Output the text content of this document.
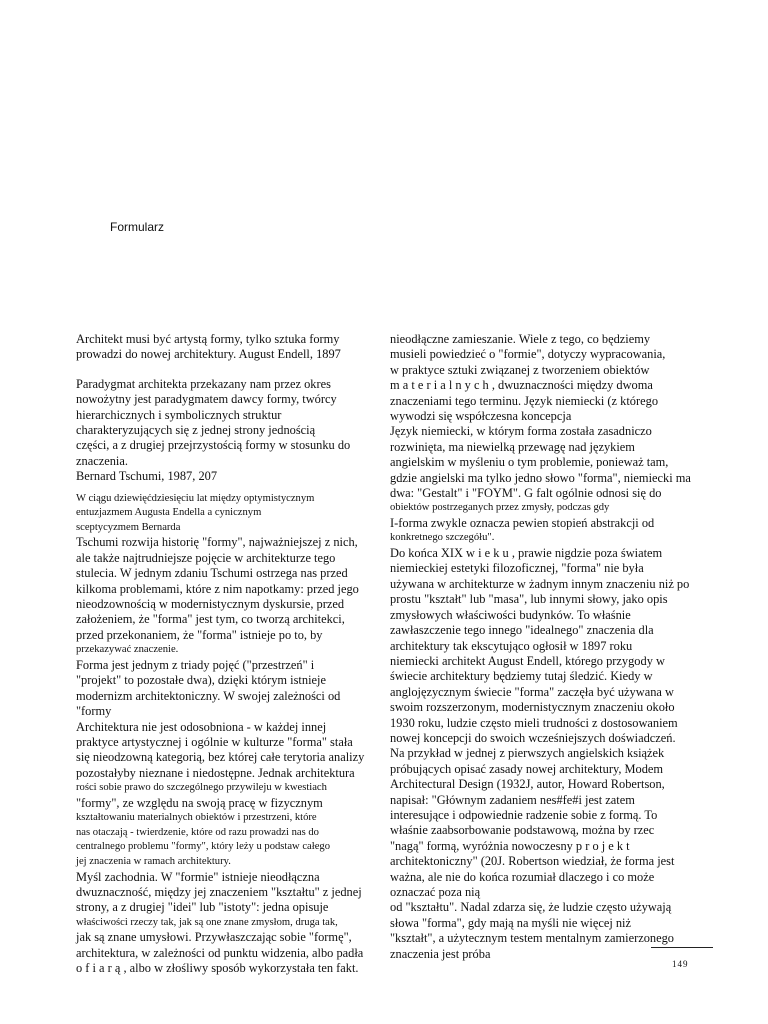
Formularz
Architekt musi być artystą formy, tylko sztuka formy
prowadzi do nowej architektury. August Endell, 1897
Paradygmat architekta przekazany nam przez okres
nowożytny jest paradygmatem dawcy formy, twórcy
hierarchicznych i symbolicznych struktur
charakteryzujących się z jednej strony jednością
części, a z drugiej przejrzystością formy w stosunku do
znaczenia.
Bernard Tschumi, 1987, 207
W ciągu dziewięćdziesięciu lat między optymistycznym
entuzjazmem Augusta Endella a cynicznym
sceptycyzmem Bernarda
Tschumi rozwija historię "formy", najważniejszej z nich,
ale także najtrudniejsze pojęcie w architekturze tego
stulecia. W jednym zdaniu Tschumi ostrzega nas przed
kilkoma problemami, które z nim napotkamy: przed jego
nieodzownością w modernistycznym dyskursie, przed
założeniem, że "forma" jest tym, co tworzą architekci,
przed przekonaniem, że "forma" istnieje po to, by
przekazywać znaczenie.
Forma jest jednym z triady pojęć ("przestrzeń" i
"projekt" to pozostałe dwa), dzięki którym istnieje
modernizm architektoniczny. W swojej zależności od
"formy
Architektura nie jest odosobniona - w każdej innej
praktyce artystycznej i ogólnie w kulturze "forma" stała
się nieodzowną kategorią, bez której całe terytoria analizy
pozostałyby nieznane i niedostępne. Jednak architektura
rości sobie prawo do szczególnego przywileju w kwestiach
"formy", ze względu na swoją pracę w fizycznym
kształtowaniu materialnych obiektów i przestrzeni, które
nas otaczają - twierdzenie, które od razu prowadzi nas do
centralnego problemu "formy", który leży u podstaw całego
jej znaczenia w ramach architektury.
Myśl zachodnia. W "formie" istnieje nieodłączna
dwuznaczność, między jej znaczeniem "kształtu" z jednej
strony, a z drugiej "idei" lub "istoty": jedna opisuje
właściwości rzeczy tak, jak są one znane zmysłom, druga tak,
jak są znane umysłowi. Przywłaszczając sobie "formę",
architektura, w zależności od punktu widzenia, albo padła
o f i a r ą , albo w złośliwy sposób wykorzystała ten fakt.
nieodłączne zamieszanie. Wiele z tego, co będziemy
musieli powiedzieć o "formie", dotyczy wypracowania,
w praktyce sztuki związanej z tworzeniem obiektów
m a t e r i a l n y c h , dwuznaczności między dwoma
znaczeniami tego terminu. Język niemiecki (z którego
wywodzi się współczesna koncepcja
Język niemiecki, w którym forma została zasadniczo
rozwinięta, ma niewielką przewagę nad językiem
angielskim w myśleniu o tym problemie, ponieważ tam,
gdzie angielski ma tylko jedno słowo "forma", niemiecki ma
dwa: "Gestalt" i "FOYM". G falt ogólnie odnosi się do
obiektów postrzeganych przez zmysły, podczas gdy
I-forma zwykle oznacza pewien stopień abstrakcji od
konkretnego szczegółu".
Do końca XIX w i e k u , prawie nigdzie poza światem
niemieckiej estetyki filozoficznej, "forma" nie była
używana w architekturze w żadnym innym znaczeniu niż po
prostu "kształt" lub "masa", lub innymi słowy, jako opis
zmysłowych właściwości budynków. To właśnie
zawłaszczenie tego innego "idealnego" znaczenia dla
architektury tak ekscytująco ogłosił w 1897 roku
niemiecki architekt August Endell, którego przygody w
świecie architektury będziemy tutaj śledzić. Kiedy w
anglojęzycznym świecie "forma" zaczęła być używana w
swoim rozszerzonym, modernistycznym znaczeniu około
1930 roku, ludzie często mieli trudności z dostosowaniem
nowej koncepcji do swoich wcześniejszych doświadczeń.
Na przykład w jednej z pierwszych angielskich książek
próbujących opisać zasady nowej architektury, Modem
Architectural Design (1932J, autor, Howard Robertson,
napisał: "Głównym zadaniem nes#fe#i jest zatem
interesujące i odpowiednie radzenie sobie z formą. To
właśnie zaabsorbowanie podstawową, można by rzec
"nagą" formą, wyróżnia nowoczesny p r o j e k t
architektoniczny" (20J. Robertson wiedział, że forma jest
ważna, ale nie do końca rozumiał dlaczego i co może
oznaczać poza nią
od "kształtu". Nadal zdarza się, że ludzie często używają
słowa "forma", gdy mają na myśli nie więcej niż
"kształt", a użytecznym testem mentalnym zamierzonego
znaczenia jest próba
149
